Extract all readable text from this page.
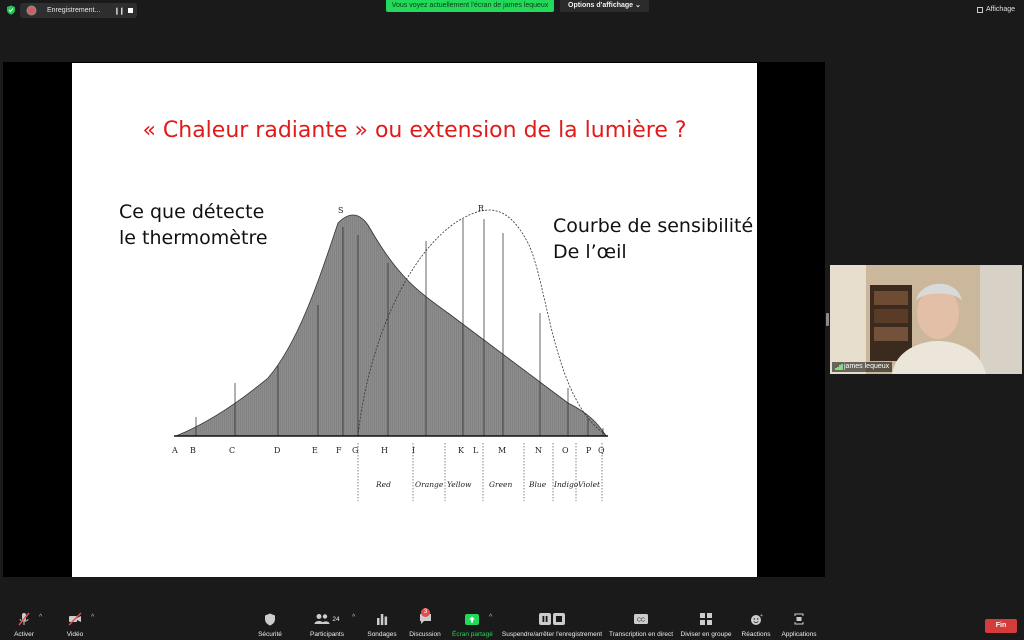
Enregistrement... ❙❙
Vous voyez actuellement l'écran de james lequeux	Options d'affichage ⌄
Affichage
« Chaleur radiante » ou extension de la lumière ?
Ce que détecte
le thermomètre
Courbe de sensibilité
De l’œil
S	R
A B	C	D	E F G	H	I	K L M	N	O P Q
Red	Orange Yellow Green Blue Indigo Violet
james lequeux
Activer
^
Vidéo
^
Sécurité
24
Participants
^
Sondages
3
Discussion Écran partagé
^
Suspendre/arrêter l'enregistrement
CC
Transcription en direct Diviser en groupe
+
Réactions Applications
Fin
